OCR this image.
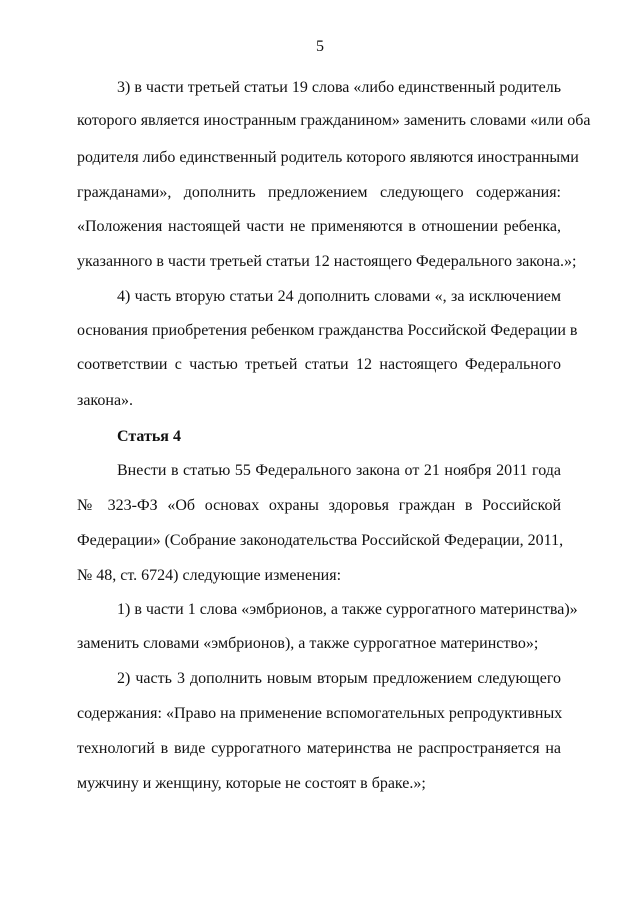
5
3) в части третьей статьи 19 слова «либо единственный родитель
которого является иностранным гражданином» заменить словами «или оба
родителя либо единственный родитель которого являются иностранными
гражданами», дополнить предложением следующего содержания:
«Положения настоящей части не применяются в отношении ребенка,
указанного в части третьей статьи 12 настоящего Федерального закона.»;
4) часть вторую статьи 24 дополнить словами «, за исключением
основания приобретения ребенком гражданства Российской Федерации в
соответствии с частью третьей статьи 12 настоящего Федерального
закона».
Статья 4
Внести в статью 55 Федерального закона от 21 ноября 2011 года
№ 323-ФЗ «Об основах охраны здоровья граждан в Российской
Федерации» (Собрание законодательства Российской Федерации, 2011,
№ 48, ст. 6724) следующие изменения:
1) в части 1 слова «эмбрионов, а также суррогатного материнства)»
заменить словами «эмбрионов), а также суррогатное материнство»;
2) часть 3 дополнить новым вторым предложением следующего
содержания: «Право на применение вспомогательных репродуктивных
технологий в виде суррогатного материнства не распространяется на
мужчину и женщину, которые не состоят в браке.»;
